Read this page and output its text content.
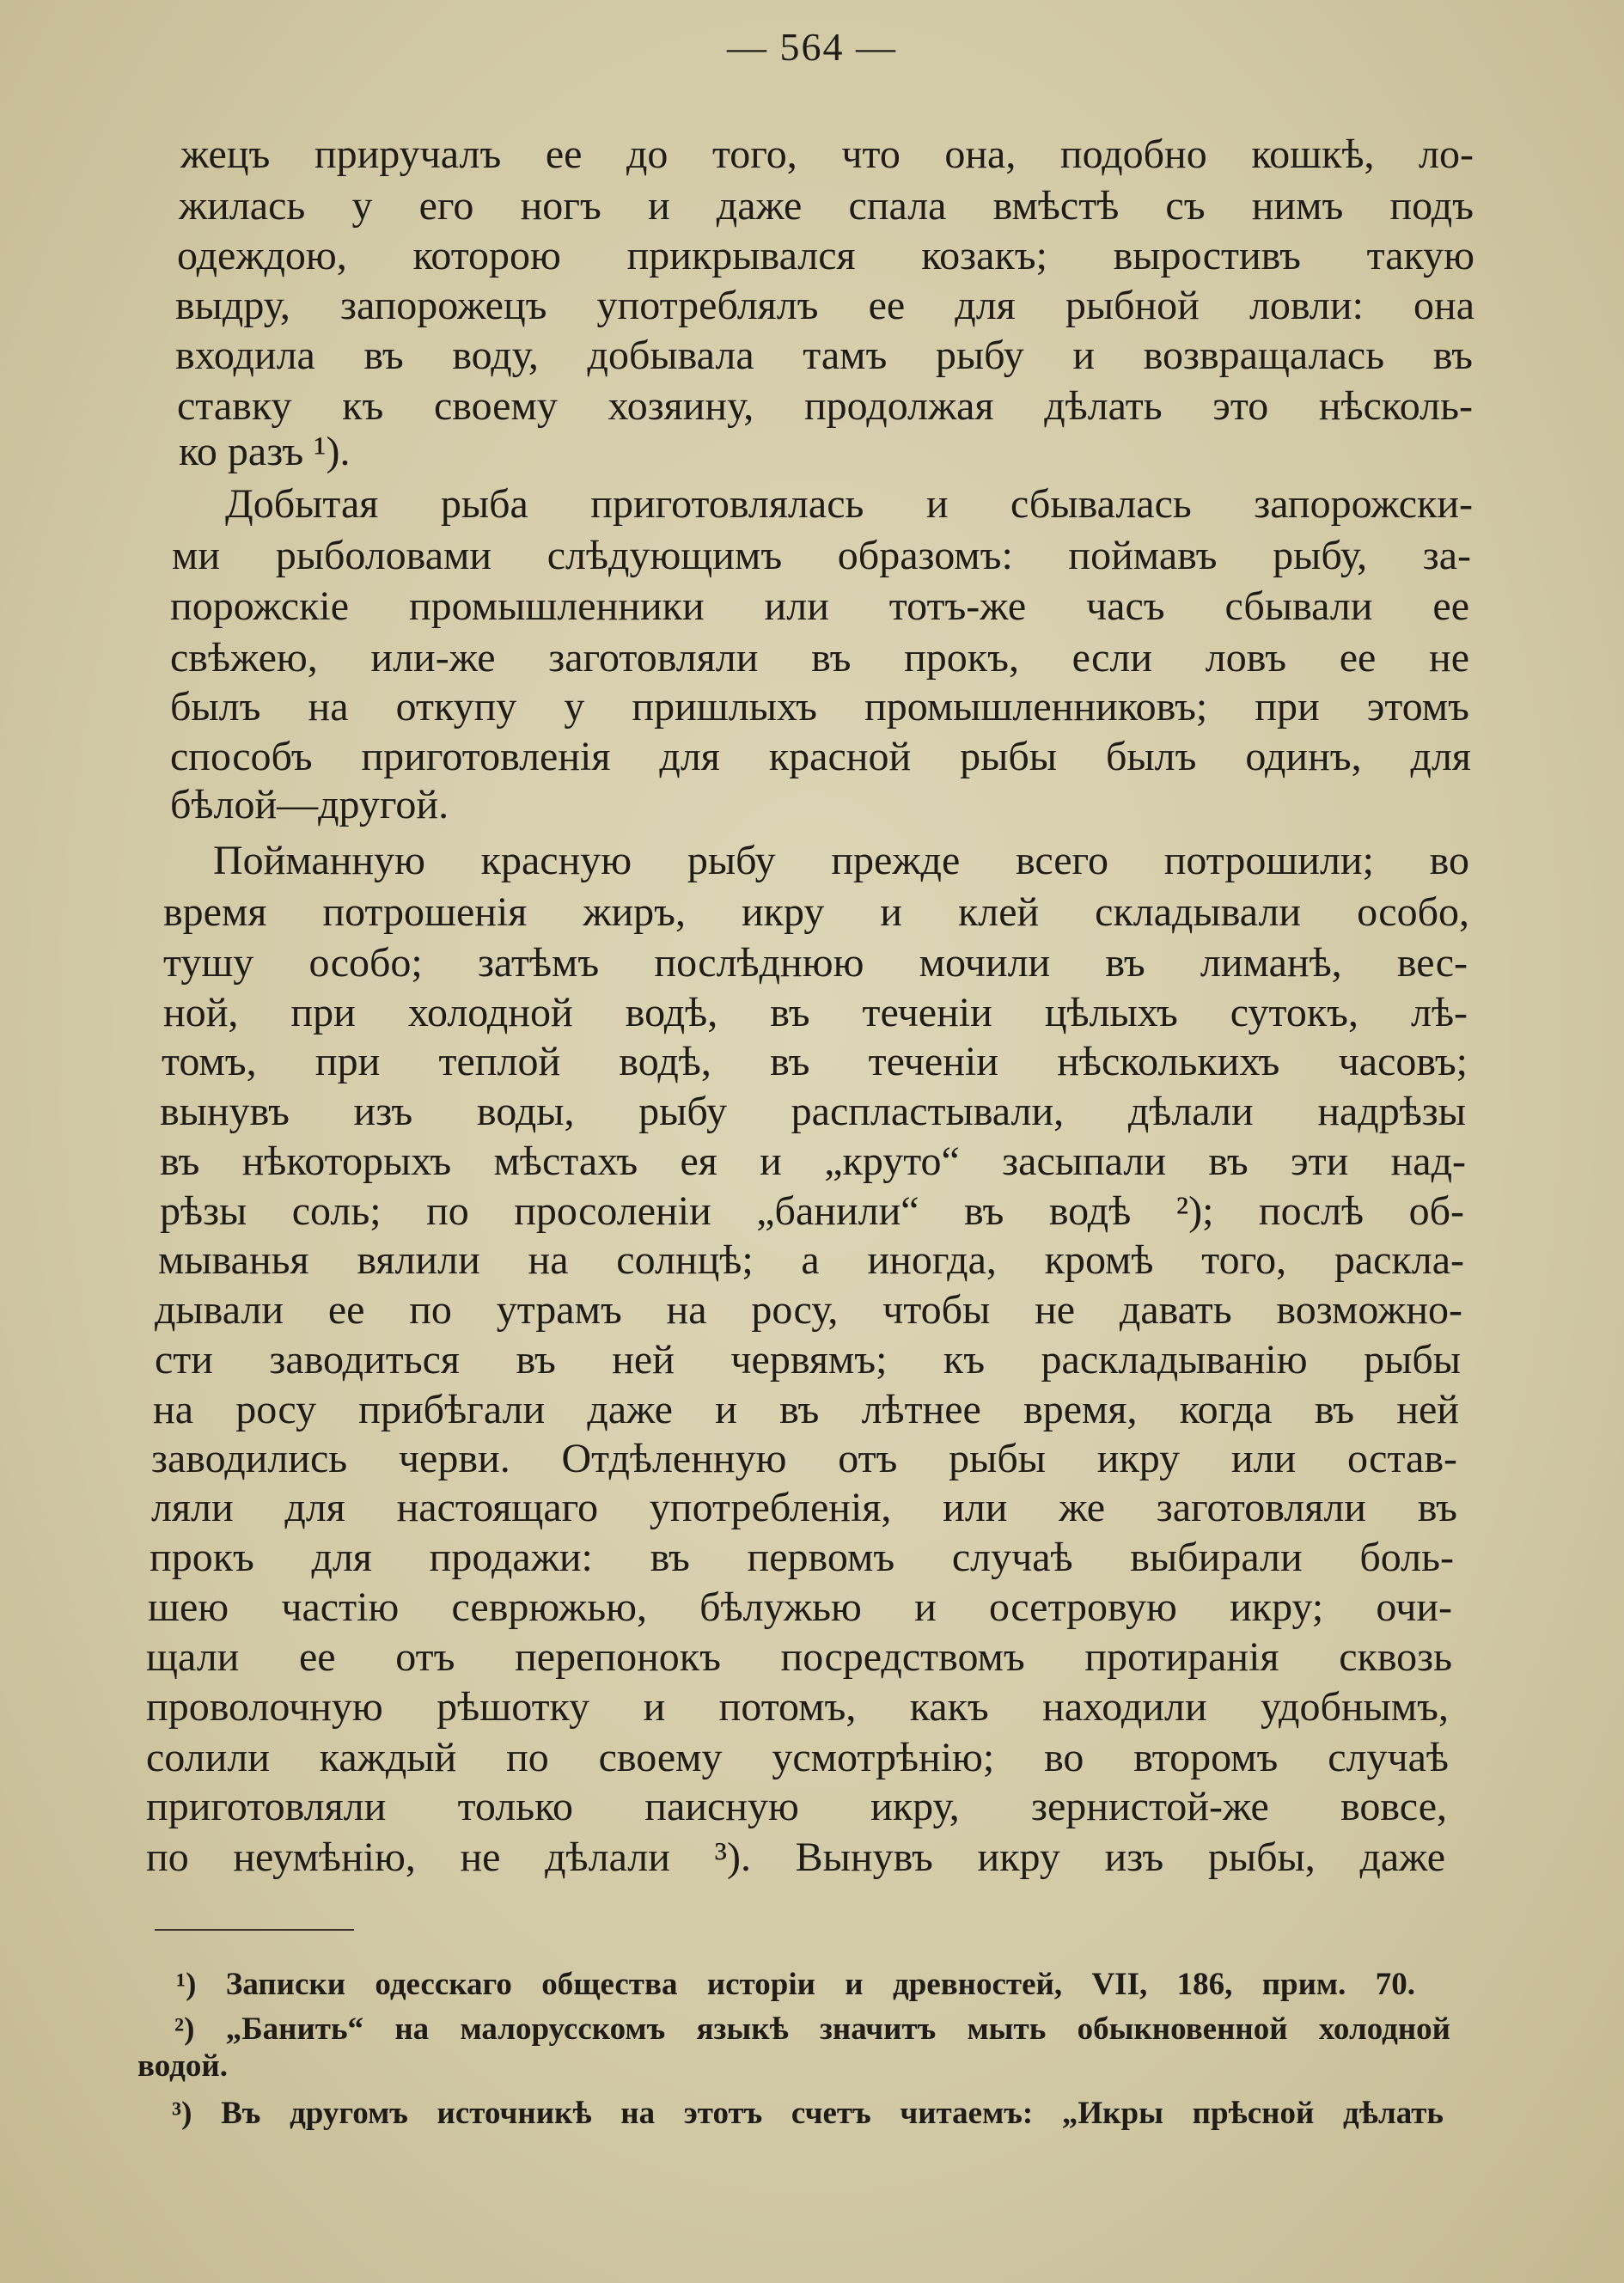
— 564 —
жецъ приручалъ ее до того, что она, подобно кошкѣ, ло-
жилась у его ногъ и даже спала вмѣстѣ съ нимъ подъ
одеждою, которою прикрывался козакъ; выростивъ такую
выдру, запорожецъ употреблялъ ее для рыбной ловли: она
входила въ воду, добывала тамъ рыбу и возвращалась въ
ставку къ своему хозяину, продолжая дѣлать это нѣсколь-
ко разъ ¹).
Добытая рыба приготовлялась и сбывалась запорожски-
ми рыболовами слѣдующимъ образомъ: поймавъ рыбу, за-
порожскіе промышленники или тотъ-же часъ сбывали ее
свѣжею, или-же заготовляли въ прокъ, если ловъ ее не
былъ на откупу у пришлыхъ промышленниковъ; при этомъ
способъ приготовленія для красной рыбы былъ одинъ, для
бѣлой—другой.
Пойманную красную рыбу прежде всего потрошили; во
время потрошенія жиръ, икру и клей складывали особо,
тушу особо; затѣмъ послѣднюю мочили въ лиманѣ, вес-
ной, при холодной водѣ, въ теченіи цѣлыхъ сутокъ, лѣ-
томъ, при теплой водѣ, въ теченіи нѣсколькихъ часовъ;
вынувъ изъ воды, рыбу распластывали, дѣлали надрѣзы
въ нѣкоторыхъ мѣстахъ ея и „круто“ засыпали въ эти над-
рѣзы соль; по просоленіи „банили“ въ водѣ ²); послѣ об-
мыванья вялили на солнцѣ; а иногда, кромѣ того, раскла-
дывали ее по утрамъ на росу, чтобы не давать возможно-
сти заводиться въ ней червямъ; къ раскладыванію рыбы
на росу прибѣгали даже и въ лѣтнее время, когда въ ней
заводились черви. Отдѣленную отъ рыбы икру или остав-
ляли для настоящаго употребленія, или же заготовляли въ
прокъ для продажи: въ первомъ случаѣ выбирали боль-
шею частію севрюжью, бѣлужью и осетровую икру; очи-
щали ее отъ перепонокъ посредствомъ протиранія сквозь
проволочную рѣшотку и потомъ, какъ находили удобнымъ,
солили каждый по своему усмотрѣнію; во второмъ случаѣ
приготовляли только паисную икру, зернистой-же вовсе,
по неумѣнію, не дѣлали ³). Вынувъ икру изъ рыбы, даже
¹) Записки одесскаго общества исторіи и древностей, VII, 186, прим. 70.
²) „Банить“ на малорусскомъ языкѣ значитъ мыть обыкновенной холодной
водой.
³) Въ другомъ источникѣ на этотъ счетъ читаемъ: „Икры прѣсной дѣлать
